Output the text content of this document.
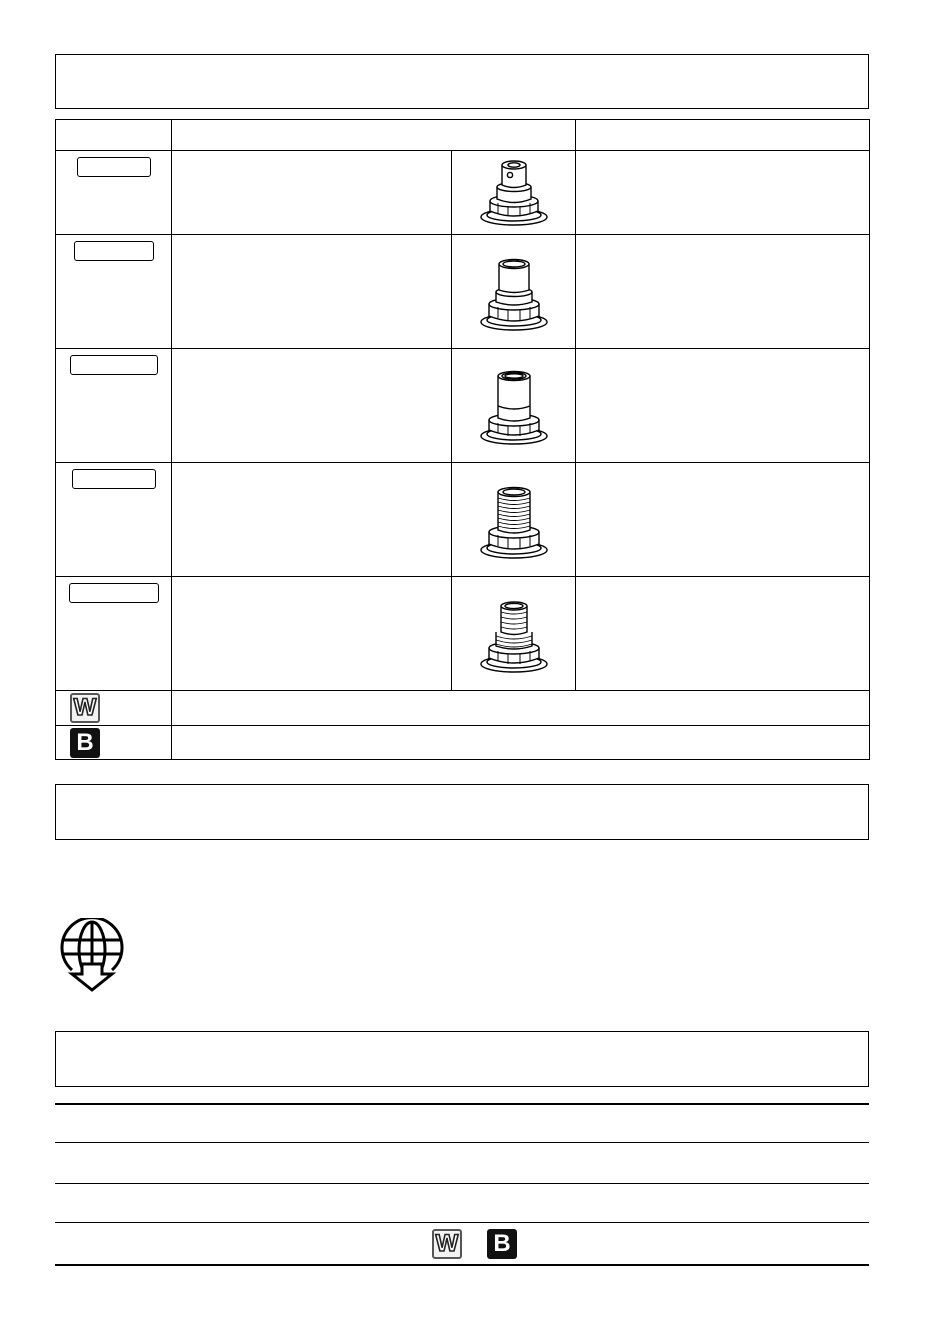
W			

B			

W B
